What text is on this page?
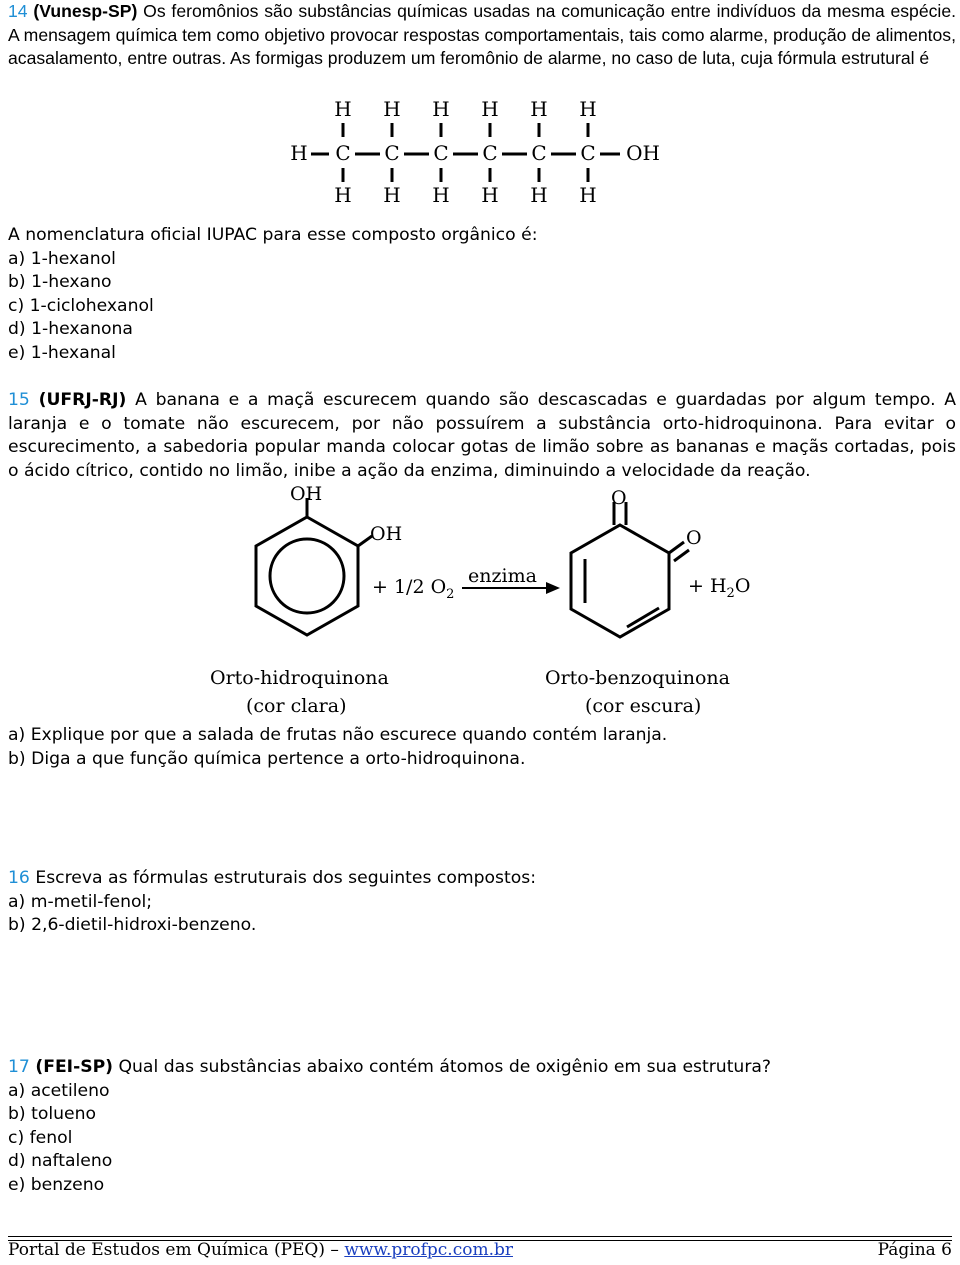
14 (Vunesp-SP) Os feromônios são substâncias químicas usadas na comunicação entre indivíduos da mesma espécie. A mensagem química tem como objetivo provocar respostas comportamentais, tais como alarme, produção de alimentos, acasalamento, entre outras. As formigas produzem um feromônio de alarme, no caso de luta, cuja fórmula estrutural é
H
H
C
H
H
C
H
H
C
H
H
C
H
H
C
H
H
C
H
OH
A nomenclatura oficial IUPAC para esse composto orgânico é:
a) 1-hexanol
b) 1-hexano
c) 1-ciclohexanol
d) 1-hexanona
e) 1-hexanal
15 (UFRJ-RJ) A banana e a maçã escurecem quando são descascadas e guardadas por algum tempo. A laranja e o tomate não escurecem, por não possuírem a substância orto-hidroquinona. Para evitar o escurecimento, a sabedoria popular manda colocar gotas de limão sobre as bananas e maçãs cortadas, pois o ácido cítrico, contido no limão, inibe a ação da enzima, diminuindo a velocidade da reação.
OH
OH
O
O
+ 1/2 $O_2$
enzima	+ $H_2O$
Orto-hidroquinona
(cor clara)
Orto-benzoquinona
(cor escura)
a) Explique por que a salada de frutas não escurece quando contém laranja.
b) Diga a que função química pertence a orto-hidroquinona.
16 Escreva as fórmulas estruturais dos seguintes compostos:
a) m-metil-fenol;
b) 2,6-dietil-hidroxi-benzeno.
17 (FEI-SP) Qual das substâncias abaixo contém átomos de oxigênio em sua estrutura?
a) acetileno
b) tolueno
c) fenol
d) naftaleno
e) benzeno
Portal de Estudos em Química (PEQ) – www.profpc.com.br	Página 6
